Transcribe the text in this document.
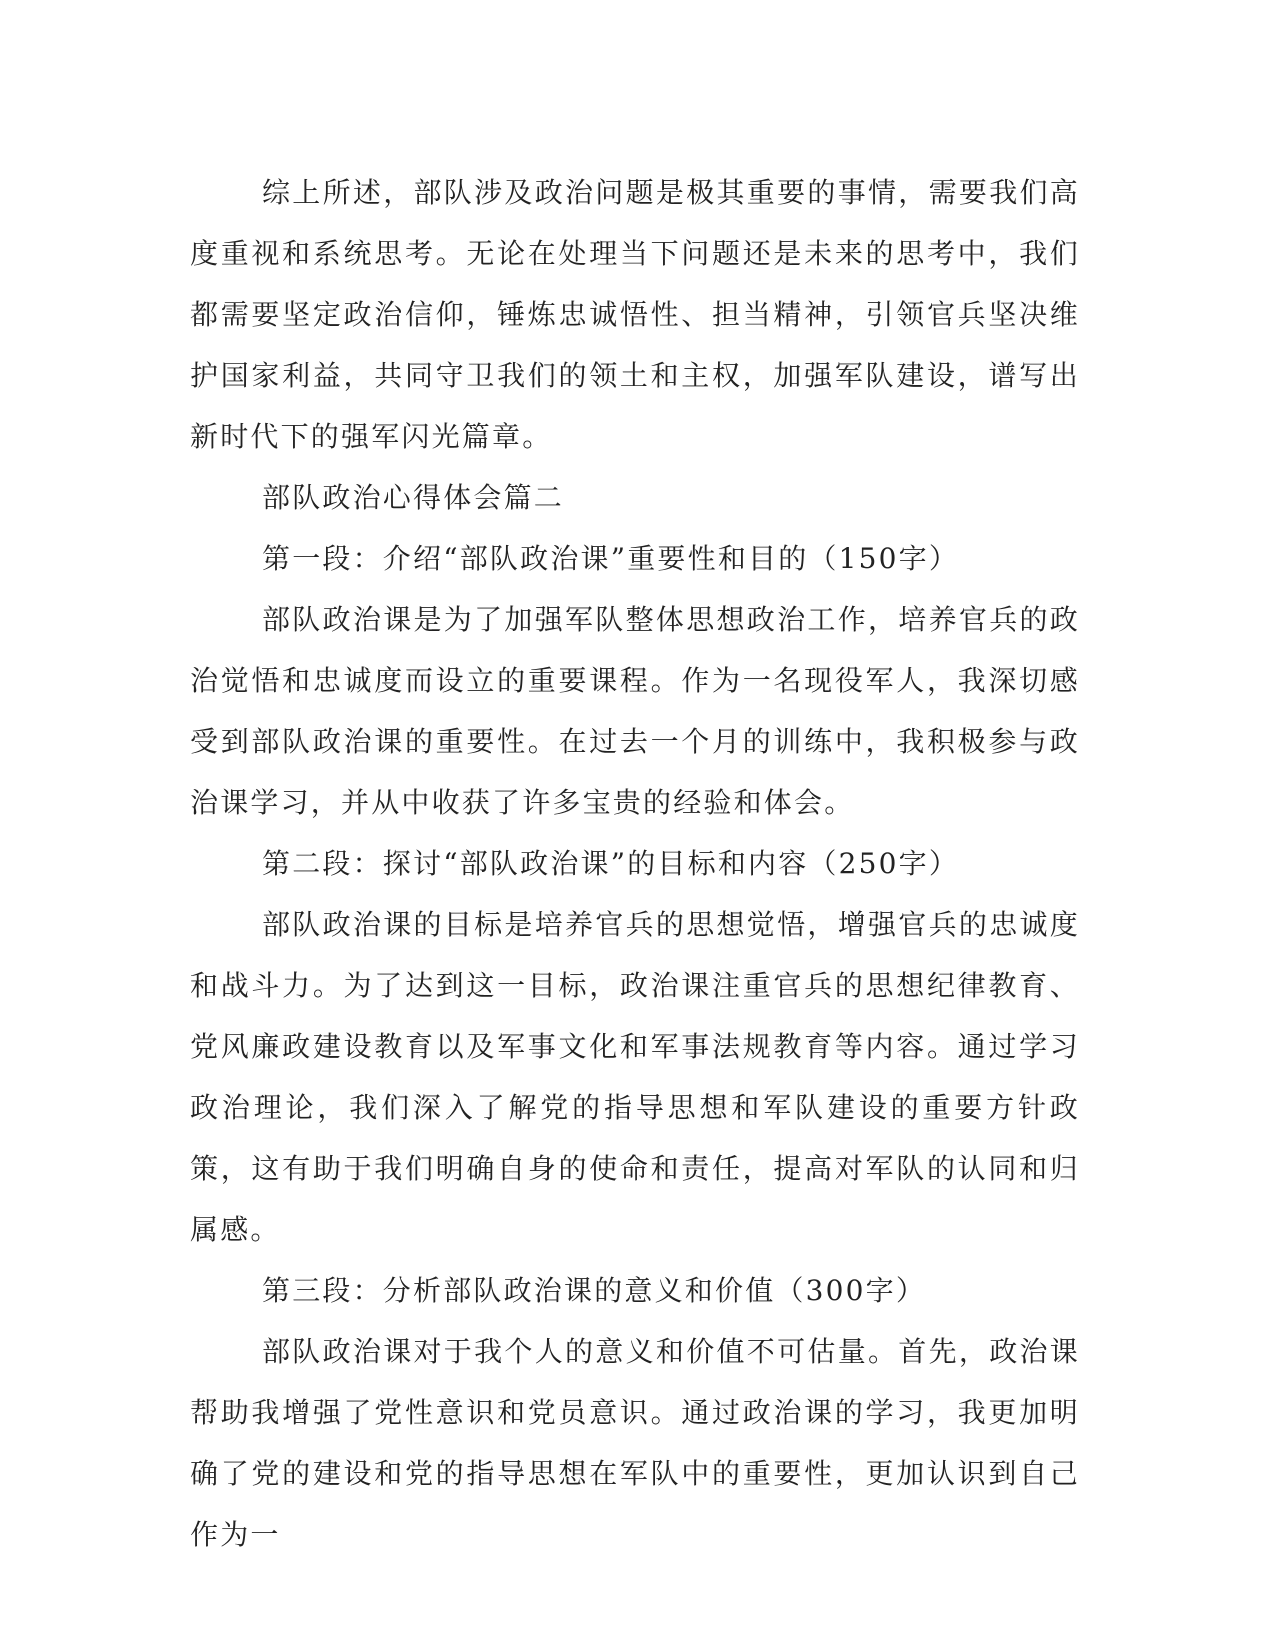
综上所述，部队涉及政治问题是极其重要的事情，需要我们高度重视和系统思考。无论在处理当下问题还是未来的思考中，我们都需要坚定政治信仰，锤炼忠诚悟性、担当精神，引领官兵坚决维护国家利益，共同守卫我们的领土和主权，加强军队建设，谱写出新时代下的强军闪光篇章。

部队政治心得体会篇二

第一段：介绍“部队政治课”重要性和目的（150字）

部队政治课是为了加强军队整体思想政治工作，培养官兵的政治觉悟和忠诚度而设立的重要课程。作为一名现役军人，我深切感受到部队政治课的重要性。在过去一个月的训练中，我积极参与政治课学习，并从中收获了许多宝贵的经验和体会。

第二段：探讨“部队政治课”的目标和内容（250字）

部队政治课的目标是培养官兵的思想觉悟，增强官兵的忠诚度和战斗力。为了达到这一目标，政治课注重官兵的思想纪律教育、党风廉政建设教育以及军事文化和军事法规教育等内容。通过学习政治理论，我们深入了解党的指导思想和军队建设的重要方针政策，这有助于我们明确自身的使命和责任，提高对军队的认同和归属感。

第三段：分析部队政治课的意义和价值（300字）

部队政治课对于我个人的意义和价值不可估量。首先，政治课帮助我增强了党性意识和党员意识。通过政治课的学习，我更加明确了党的建设和党的指导思想在军队中的重要性，更加认识到自己作为一
